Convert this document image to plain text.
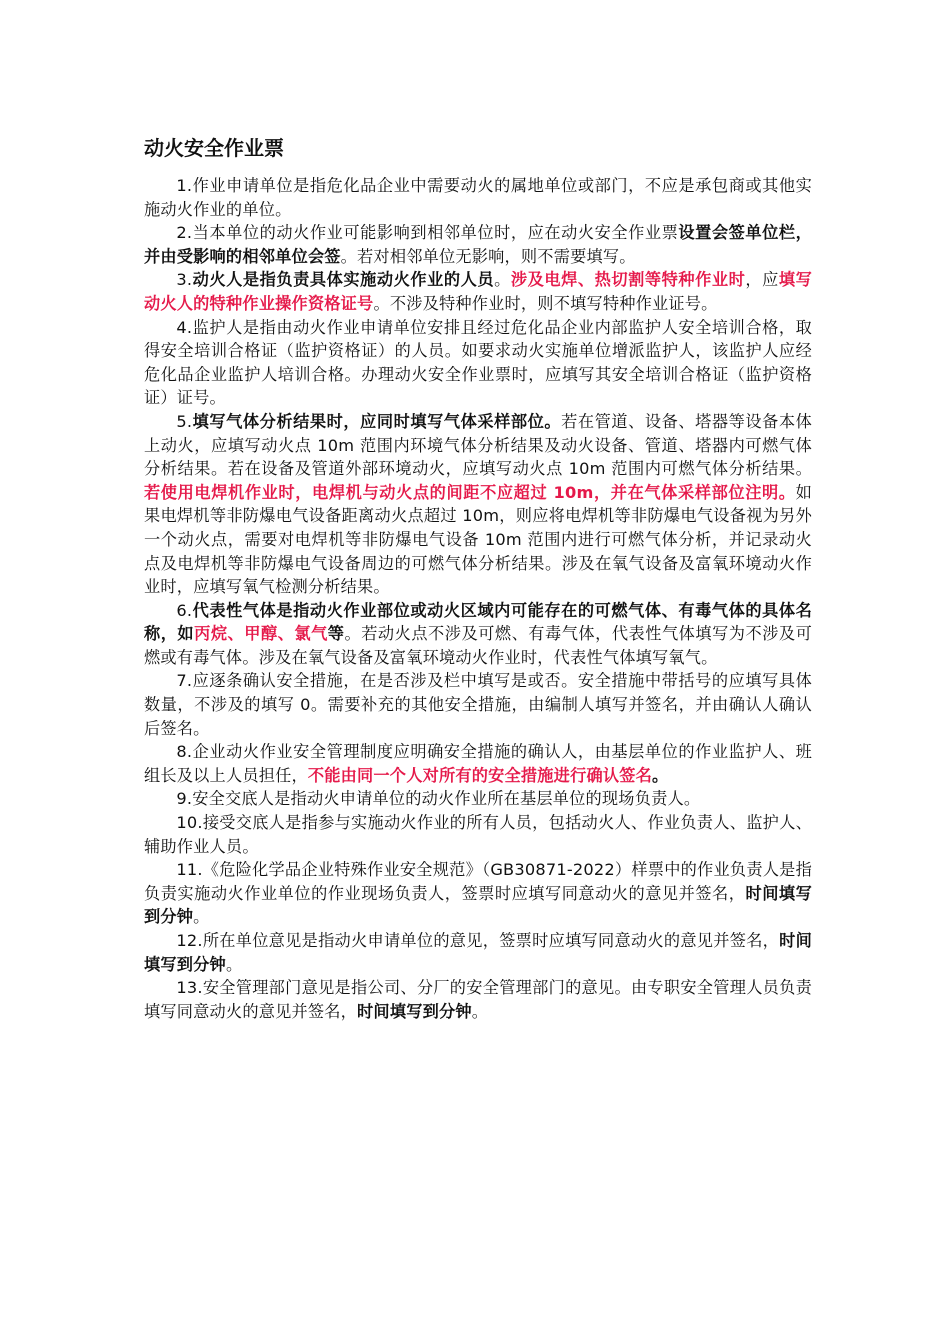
动火安全作业票

1.作业申请单位是指危化品企业中需要动火的属地单位或部门，不应是承包商或其他实施动火作业的单位。

2.当本单位的动火作业可能影响到相邻单位时，应在动火安全作业票设置会签单位栏，并由受影响的相邻单位会签。若对相邻单位无影响，则不需要填写。

3.动火人是指负责具体实施动火作业的人员。涉及电焊、热切割等特种作业时，应填写动火人的特种作业操作资格证号。不涉及特种作业时，则不填写特种作业证号。

4.监护人是指由动火作业申请单位安排且经过危化品企业内部监护人安全培训合格，取得安全培训合格证（监护资格证）的人员。如要求动火实施单位增派监护人，该监护人应经危化品企业监护人培训合格。办理动火安全作业票时，应填写其安全培训合格证（监护资格证）证号。

5.填写气体分析结果时，应同时填写气体采样部位。若在管道、设备、塔器等设备本体上动火，应填写动火点 10m 范围内环境气体分析结果及动火设备、管道、塔器内可燃气体分析结果。若在设备及管道外部环境动火，应填写动火点 10m 范围内可燃气体分析结果。若使用电焊机作业时，电焊机与动火点的间距不应超过 10m，并在气体采样部位注明。如果电焊机等非防爆电气设备距离动火点超过 10m，则应将电焊机等非防爆电气设备视为另外一个动火点，需要对电焊机等非防爆电气设备 10m 范围内进行可燃气体分析，并记录动火点及电焊机等非防爆电气设备周边的可燃气体分析结果。涉及在氧气设备及富氧环境动火作业时，应填写氧气检测分析结果。

6.代表性气体是指动火作业部位或动火区域内可能存在的可燃气体、有毒气体的具体名称，如丙烷、甲醇、氯气等。若动火点不涉及可燃、有毒气体，代表性气体填写为不涉及可燃或有毒气体。涉及在氧气设备及富氧环境动火作业时，代表性气体填写氧气。

7.应逐条确认安全措施，在是否涉及栏中填写是或否。安全措施中带括号的应填写具体数量，不涉及的填写 0。需要补充的其他安全措施，由编制人填写并签名，并由确认人确认后签名。

8.企业动火作业安全管理制度应明确安全措施的确认人，由基层单位的作业监护人、班组长及以上人员担任，不能由同一个人对所有的安全措施进行确认签名。

9.安全交底人是指动火申请单位的动火作业所在基层单位的现场负责人。

10.接受交底人是指参与实施动火作业的所有人员，包括动火人、作业负责人、监护人、辅助作业人员。

11.《危险化学品企业特殊作业安全规范》（GB30871-2022）样票中的作业负责人是指负责实施动火作业单位的作业现场负责人，签票时应填写同意动火的意见并签名，时间填写到分钟。

12.所在单位意见是指动火申请单位的意见，签票时应填写同意动火的意见并签名，时间填写到分钟。

13.安全管理部门意见是指公司、分厂的安全管理部门的意见。由专职安全管理人员负责填写同意动火的意见并签名，时间填写到分钟。
